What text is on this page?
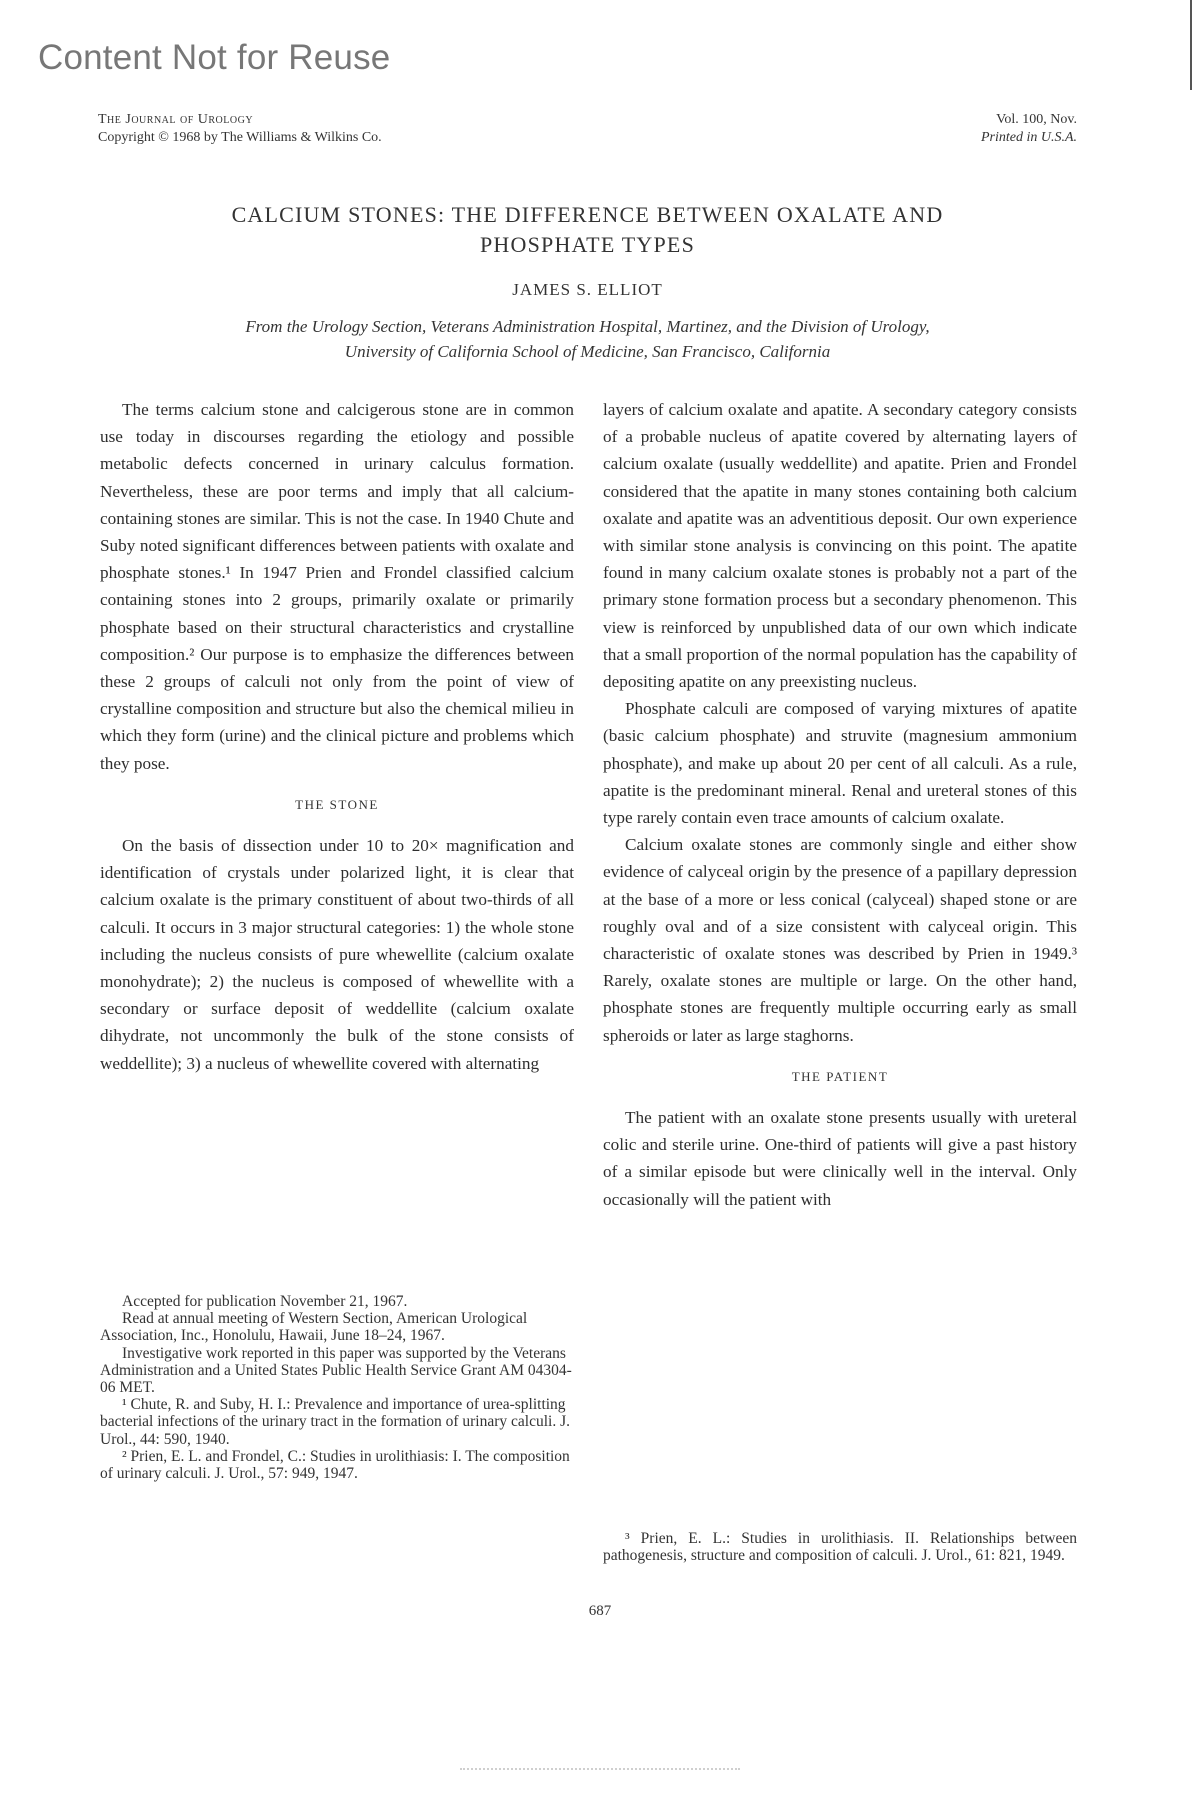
Content Not for Reuse
The Journal of Urology
Copyright © 1968 by The Williams & Wilkins Co.
Vol. 100, Nov.
Printed in U.S.A.
CALCIUM STONES: THE DIFFERENCE BETWEEN OXALATE AND
PHOSPHATE TYPES
JAMES S. ELLIOT
From the Urology Section, Veterans Administration Hospital, Martinez, and the Division of Urology,
University of California School of Medicine, San Francisco, California

The terms calcium stone and calcigerous stone are in common use today in discourses regarding the etiology and possible metabolic defects concerned in urinary calculus formation. Nevertheless, these are poor terms and imply that all calcium-containing stones are similar. This is not the case. In 1940 Chute and Suby noted significant differences between patients with oxalate and phosphate stones.¹ In 1947 Prien and Frondel classified calcium containing stones into 2 groups, primarily oxalate or primarily phosphate based on their structural characteristics and crystalline composition.² Our purpose is to emphasize the differences between these 2 groups of calculi not only from the point of view of crystalline composition and structure but also the chemical milieu in which they form (urine) and the clinical picture and problems which they pose.

THE STONE

On the basis of dissection under 10 to 20× magnification and identification of crystals under polarized light, it is clear that calcium oxalate is the primary constituent of about two-thirds of all calculi. It occurs in 3 major structural categories: 1) the whole stone including the nucleus consists of pure whewellite (calcium oxalate monohydrate); 2) the nucleus is composed of whewellite with a secondary or surface deposit of weddellite (calcium oxalate dihydrate, not uncommonly the bulk of the stone consists of weddellite); 3) a nucleus of whewellite covered with alternating

Accepted for publication November 21, 1967.

Read at annual meeting of Western Section, American Urological Association, Inc., Honolulu, Hawaii, June 18–24, 1967.

Investigative work reported in this paper was supported by the Veterans Administration and a United States Public Health Service Grant AM 04304-06 MET.

¹ Chute, R. and Suby, H. I.: Prevalence and importance of urea-splitting bacterial infections of the urinary tract in the formation of urinary calculi. J. Urol., 44: 590, 1940.

² Prien, E. L. and Frondel, C.: Studies in urolithiasis: I. The composition of urinary calculi. J. Urol., 57: 949, 1947.

layers of calcium oxalate and apatite. A secondary category consists of a probable nucleus of apatite covered by alternating layers of calcium oxalate (usually weddellite) and apatite. Prien and Frondel considered that the apatite in many stones containing both calcium oxalate and apatite was an adventitious deposit. Our own experience with similar stone analysis is convincing on this point. The apatite found in many calcium oxalate stones is probably not a part of the primary stone formation process but a secondary phenomenon. This view is reinforced by unpublished data of our own which indicate that a small proportion of the normal population has the capability of depositing apatite on any preexisting nucleus.

Phosphate calculi are composed of varying mixtures of apatite (basic calcium phosphate) and struvite (magnesium ammonium phosphate), and make up about 20 per cent of all calculi. As a rule, apatite is the predominant mineral. Renal and ureteral stones of this type rarely contain even trace amounts of calcium oxalate.

Calcium oxalate stones are commonly single and either show evidence of calyceal origin by the presence of a papillary depression at the base of a more or less conical (calyceal) shaped stone or are roughly oval and of a size consistent with calyceal origin. This characteristic of oxalate stones was described by Prien in 1949.³ Rarely, oxalate stones are multiple or large. On the other hand, phosphate stones are frequently multiple occurring early as small spheroids or later as large staghorns.

THE PATIENT

The patient with an oxalate stone presents usually with ureteral colic and sterile urine. One-third of patients will give a past history of a similar episode but were clinically well in the interval. Only occasionally will the patient with

³ Prien, E. L.: Studies in urolithiasis. II. Relationships between pathogenesis, structure and composition of calculi. J. Urol., 61: 821, 1949.

687
